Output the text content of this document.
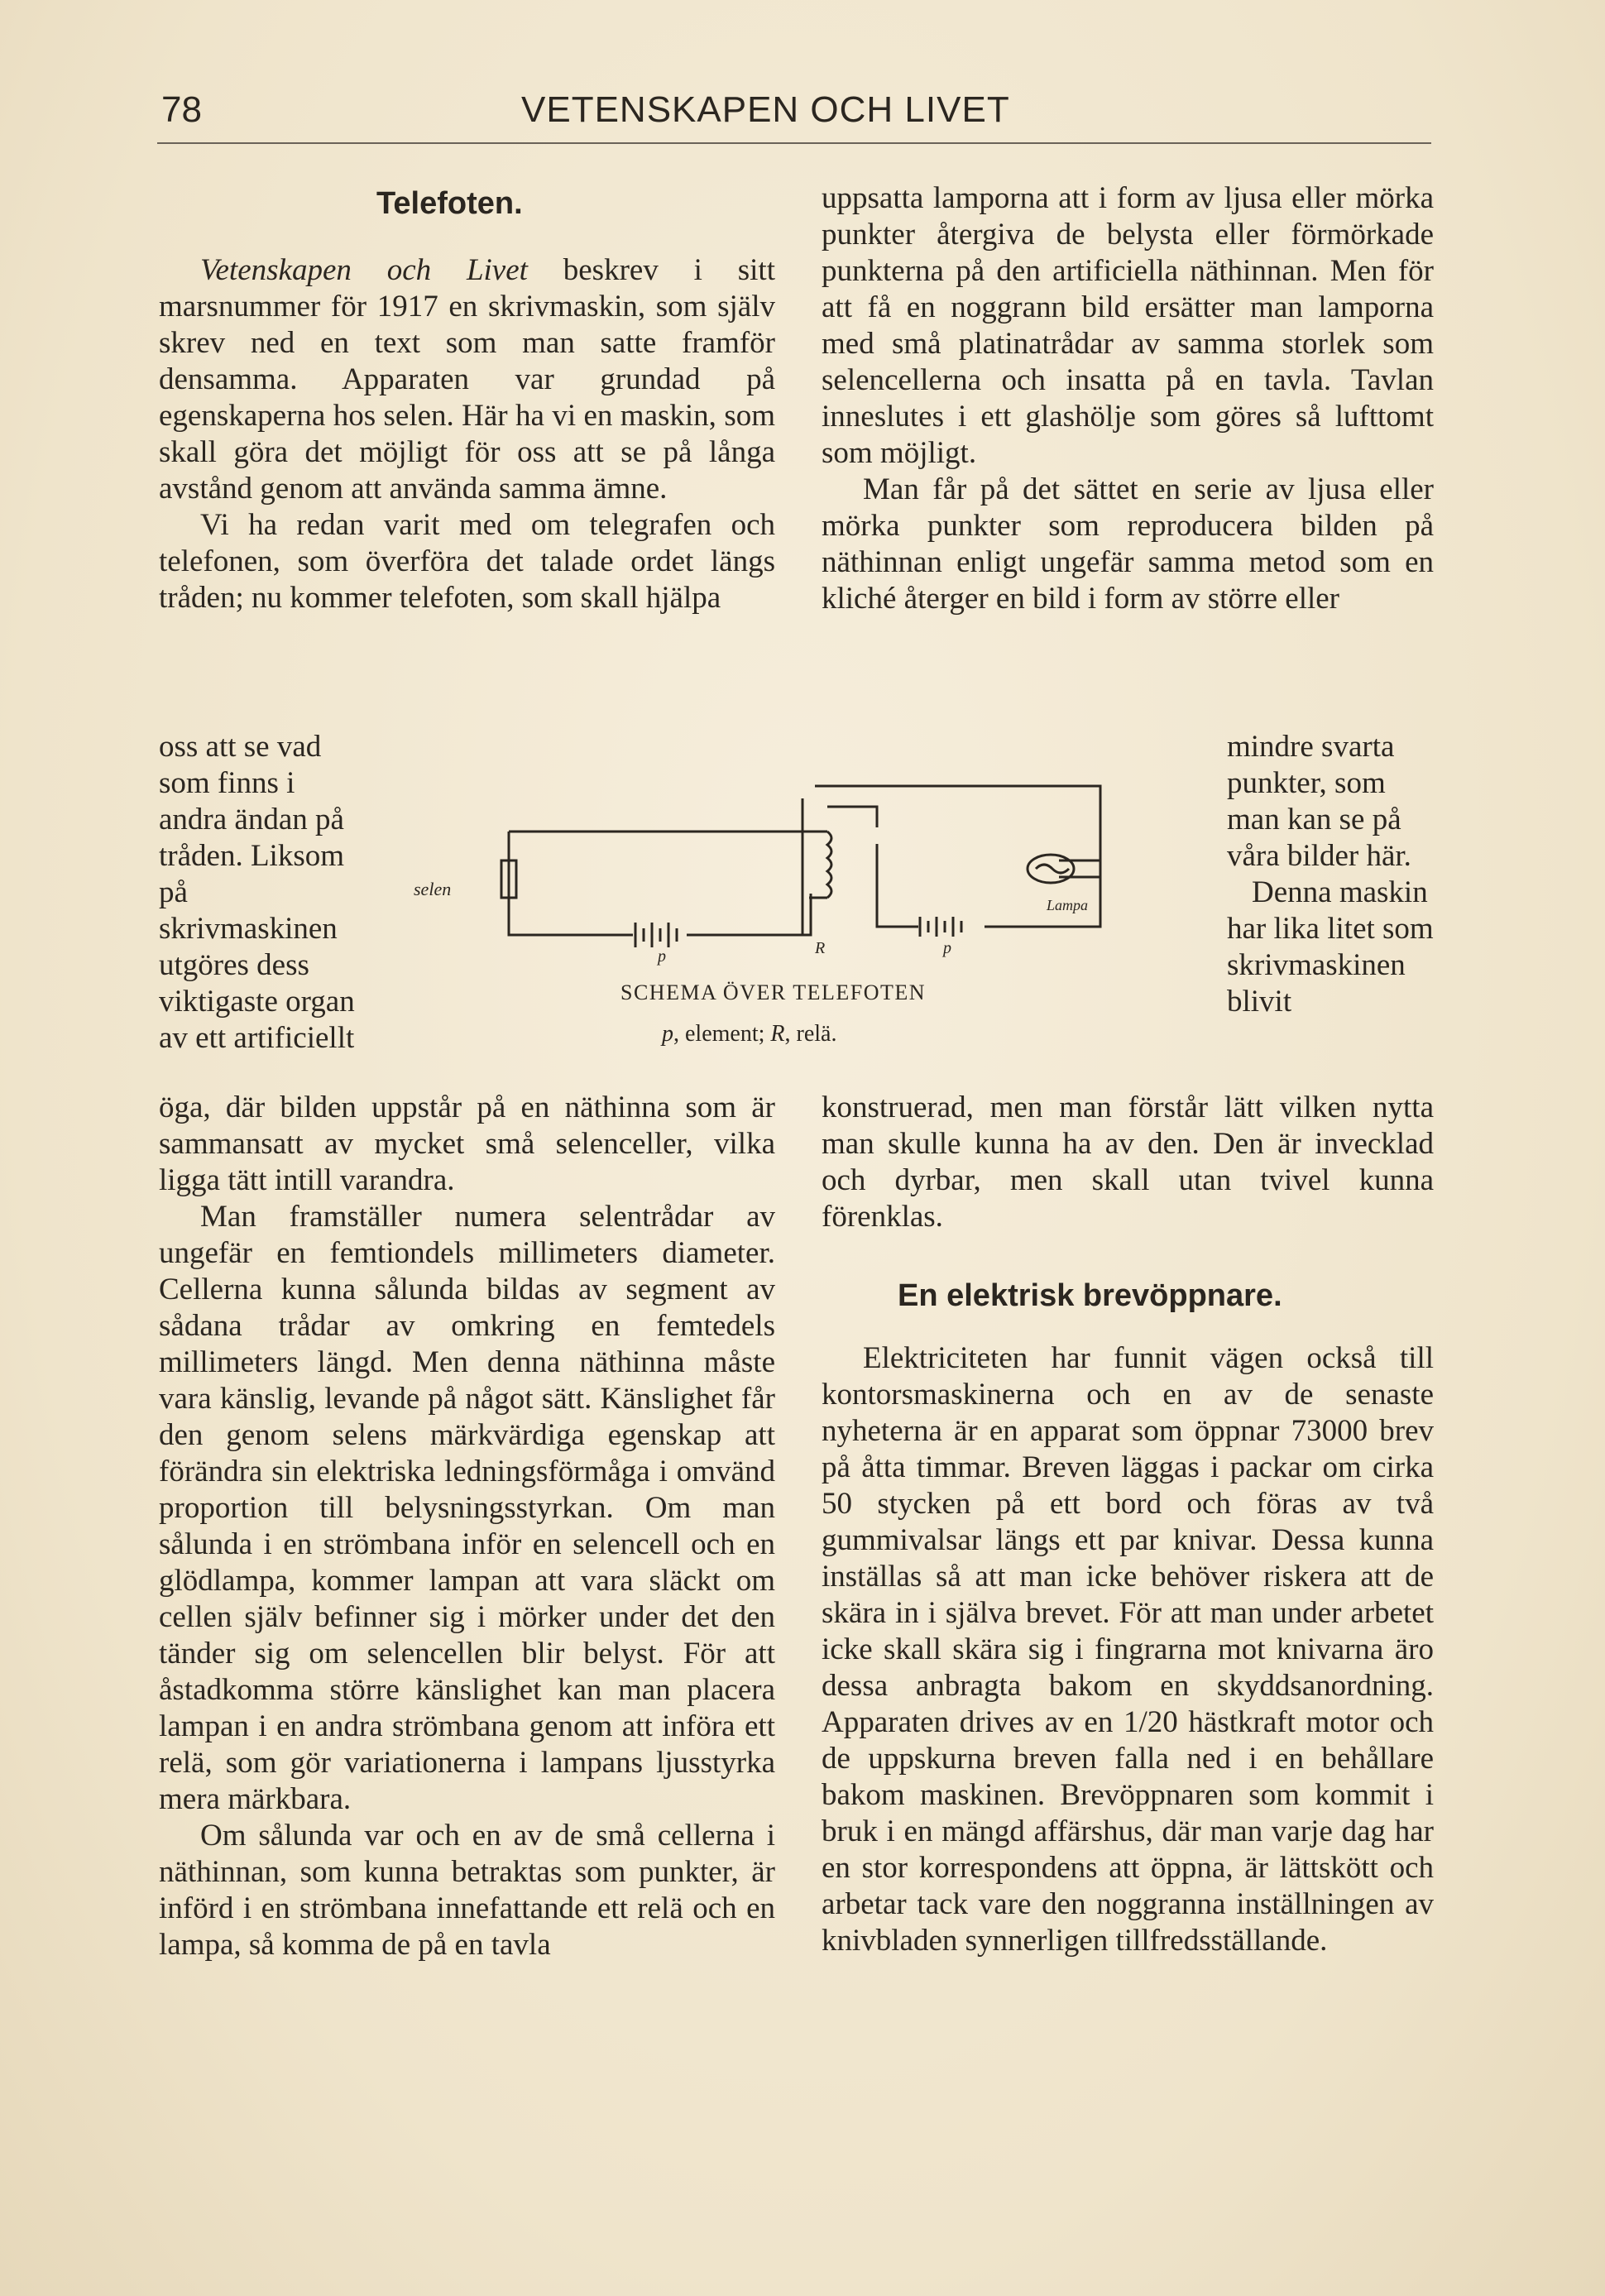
78	VETENSKAPEN OCH LIVET
Telefoten.

Vetenskapen och Livet beskrev i sitt marsnummer för 1917 en skrivmaskin, som själv skrev ned en text som man satte framför densamma. Apparaten var grundad på egenskaperna hos selen. Här ha vi en maskin, som skall göra det möjligt för oss att se på långa avstånd genom att använda samma ämne.

Vi ha redan varit med om telegrafen och telefonen, som överföra det talade ordet längs tråden; nu kommer telefoten, som skall hjälpa

oss att se vad som finns i andra ändan på tråden. Liksom på skrivmaskinen utgöres dess viktigaste organ av ett artificiellt
selen
Lampa
p	p
R
SCHEMA ÖVER TELEFOTEN
p, element; R, relä.

öga, där bilden uppstår på en näthinna som är sammansatt av mycket små selenceller, vilka ligga tätt intill varandra.

Man framställer numera selentrådar av ungefär en femtiondels millimeters diameter. Cellerna kunna sålunda bildas av segment av sådana trådar av omkring en femtedels millimeters längd. Men denna näthinna måste vara känslig, levande på något sätt. Känslighet får den genom selens märkvärdiga egenskap att förändra sin elektriska ledningsförmåga i omvänd proportion till belysningsstyrkan. Om man sålunda i en strömbana inför en selencell och en glödlampa, kommer lampan att vara släckt om cellen själv befinner sig i mörker under det den tänder sig om selencellen blir belyst. För att åstadkomma större känslighet kan man placera lampan i en andra strömbana genom att införa ett relä, som gör variationerna i lampans ljusstyrka mera märkbara.

Om sålunda var och en av de små cellerna i näthinnan, som kunna betraktas som punkter, är införd i en strömbana innefattande ett relä och en lampa, så komma de på en tavla

uppsatta lamporna att i form av ljusa eller mörka punkter återgiva de belysta eller förmörkade punkterna på den artificiella näthinnan. Men för att få en noggrann bild ersätter man lamporna med små platinatrådar av samma storlek som selencellerna och insatta på en tavla. Tavlan inneslutes i ett glashölje som göres så lufttomt som möjligt.

Man får på det sättet en serie av ljusa eller mörka punkter som reproducera bilden på näthinnan enligt ungefär samma metod som en kliché återger en bild i form av större eller

mindre svarta punkter, som man kan se på våra bilder här.
Denna maskin har lika litet som skrivmaskinen blivit

konstruerad, men man förstår lätt vilken nytta man skulle kunna ha av den. Den är invecklad och dyrbar, men skall utan tvivel kunna förenklas.

En elektrisk brevöppnare.

Elektriciteten har funnit vägen också till kontorsmaskinerna och en av de senaste nyheterna är en apparat som öppnar 73000 brev på åtta timmar. Breven läggas i packar om cirka 50 stycken på ett bord och föras av två gummivalsar längs ett par knivar. Dessa kunna inställas så att man icke behöver riskera att de skära in i själva brevet. För att man under arbetet icke skall skära sig i fingrarna mot knivarna äro dessa anbragta bakom en skyddsanordning. Apparaten drives av en 1/20 hästkraft motor och de uppskurna breven falla ned i en behållare bakom maskinen. Brevöppnaren som kommit i bruk i en mängd affärshus, där man varje dag har en stor korrespondens att öppna, är lättskött och arbetar tack vare den noggranna inställningen av knivbladen synnerligen tillfredsställande.
